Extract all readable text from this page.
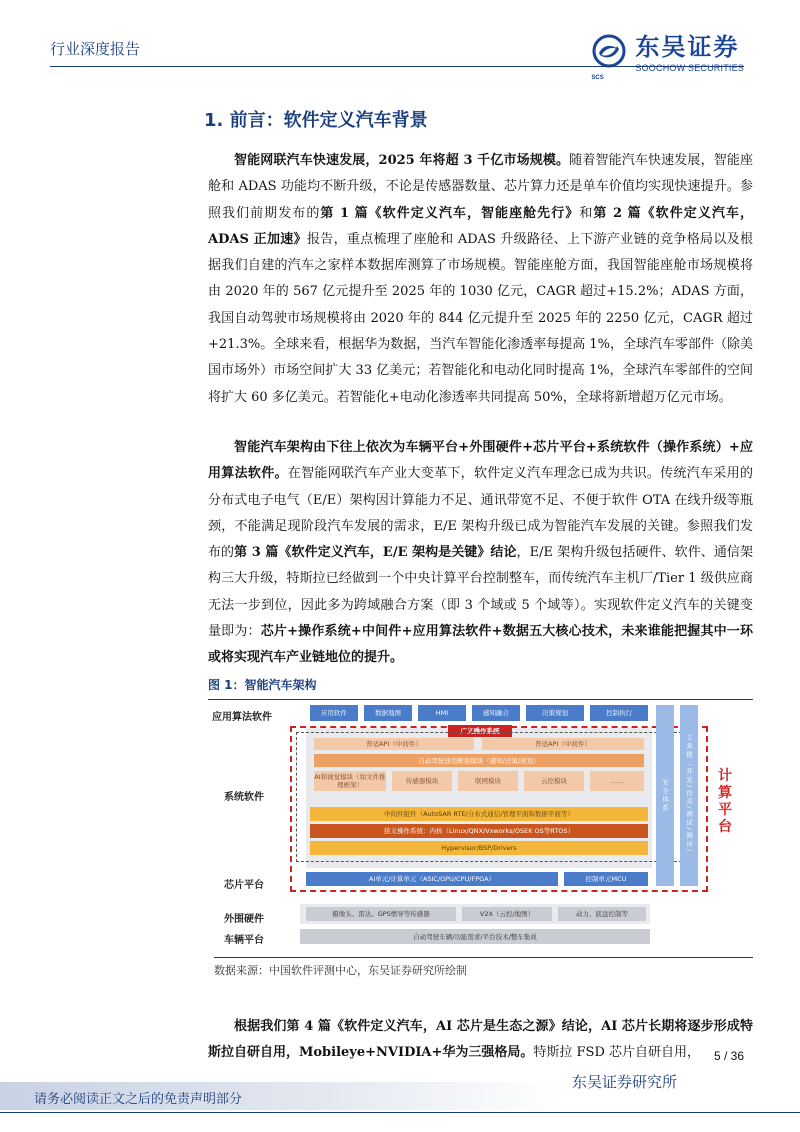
行业深度报告
SCS
东吴证券
SOOCHOW SECURITIES
1. 前言：软件定义汽车背景
智能网联汽车快速发展，2025 年将超 3 千亿市场规模。随着智能汽车快速发展，智能座舱和 ADAS 功能均不断升级，不论是传感器数量、芯片算力还是单车价值均实现快速提升。参照我们前期发布的第 1 篇《软件定义汽车，智能座舱先行》和第 2 篇《软件定义汽车，ADAS 正加速》报告，重点梳理了座舱和 ADAS 升级路径、上下游产业链的竞争格局以及根据我们自建的汽车之家样本数据库测算了市场规模。智能座舱方面，我国智能座舱市场规模将由 2020 年的 567 亿元提升至 2025 年的 1030 亿元，CAGR 超过+15.2%；ADAS 方面，我国自动驾驶市场规模将由 2020 年的 844 亿元提升至 2025 年的 2250 亿元，CAGR 超过+21.3%。全球来看，根据华为数据，当汽车智能化渗透率每提高 1%，全球汽车零部件（除美国市场外）市场空间扩大 33 亿美元；若智能化和电动化同时提高 1%，全球汽车零部件的空间将扩大 60 多亿美元。若智能化+电动化渗透率共同提高 50%，全球将新增超万亿元市场。
智能汽车架构由下往上依次为车辆平台+外围硬件+芯片平台+系统软件（操作系统）+应用算法软件。在智能网联汽车产业大变革下，软件定义汽车理念已成为共识。传统汽车采用的分布式电子电气（E/E）架构因计算能力不足、通讯带宽不足、不便于软件 OTA 在线升级等瓶颈，不能满足现阶段汽车发展的需求，E/E 架构升级已成为智能汽车发展的关键。参照我们发布的第 3 篇《软件定义汽车，E/E 架构是关键》结论，E/E 架构升级包括硬件、软件、通信架构三大升级，特斯拉已经做到一个中央计算平台控制整车，而传统汽车主机厂/Tier 1 级供应商无法一步到位，因此多为跨域融合方案（即 3 个域或 5 个域等）。实现软件定义汽车的关键变量即为：芯片+操作系统+中间件+应用算法软件+数据五大核心技术，未来谁能把握其中一环或将实现汽车产业链地位的提升。
图 1：智能汽车架构
应用算法软件
系统软件
芯片平台
外围硬件
车辆平台
应用软件	数据地图	HMI	感知融合	决策规划	控制执行
广义操作系统
普适API（中间件）	普适API（中间件）
自动驾驶通用框架模块（感知/决策/规划）
AI和视觉模块（如文件推理框架）	传感器模块	联网模块	云控模块	……
中间件组件（AutoSAR RTE/分布式通信/管理平面和数据平面等）
狭义操作系统：内核（Linux/QNX/Vxworks/OSEK OS等RTOS）
Hypervisor/BSP/Drivers
AI单元/计算单元（ASIC/GPU/CPU/FPGA）	控制单元MCU
安全体系	工具链（开发/仿真/测试/测评）	计算平台
摄像头、雷达、GPS惯导等传感器	V2X（云控/地图）	动力、底盘控制等
自动驾驶车辆/功能需求/平台技术/整车集成
数据来源：中国软件评测中心，东吴证券研究所绘制
根据我们第 4 篇《软件定义汽车，AI 芯片是生态之源》结论，AI 芯片长期将逐步形成特斯拉自研自用，Mobileye+NVIDIA+华为三强格局。特斯拉 FSD 芯片自研自用，	5 / 36
东吴证券研究所
请务必阅读正文之后的免责声明部分
